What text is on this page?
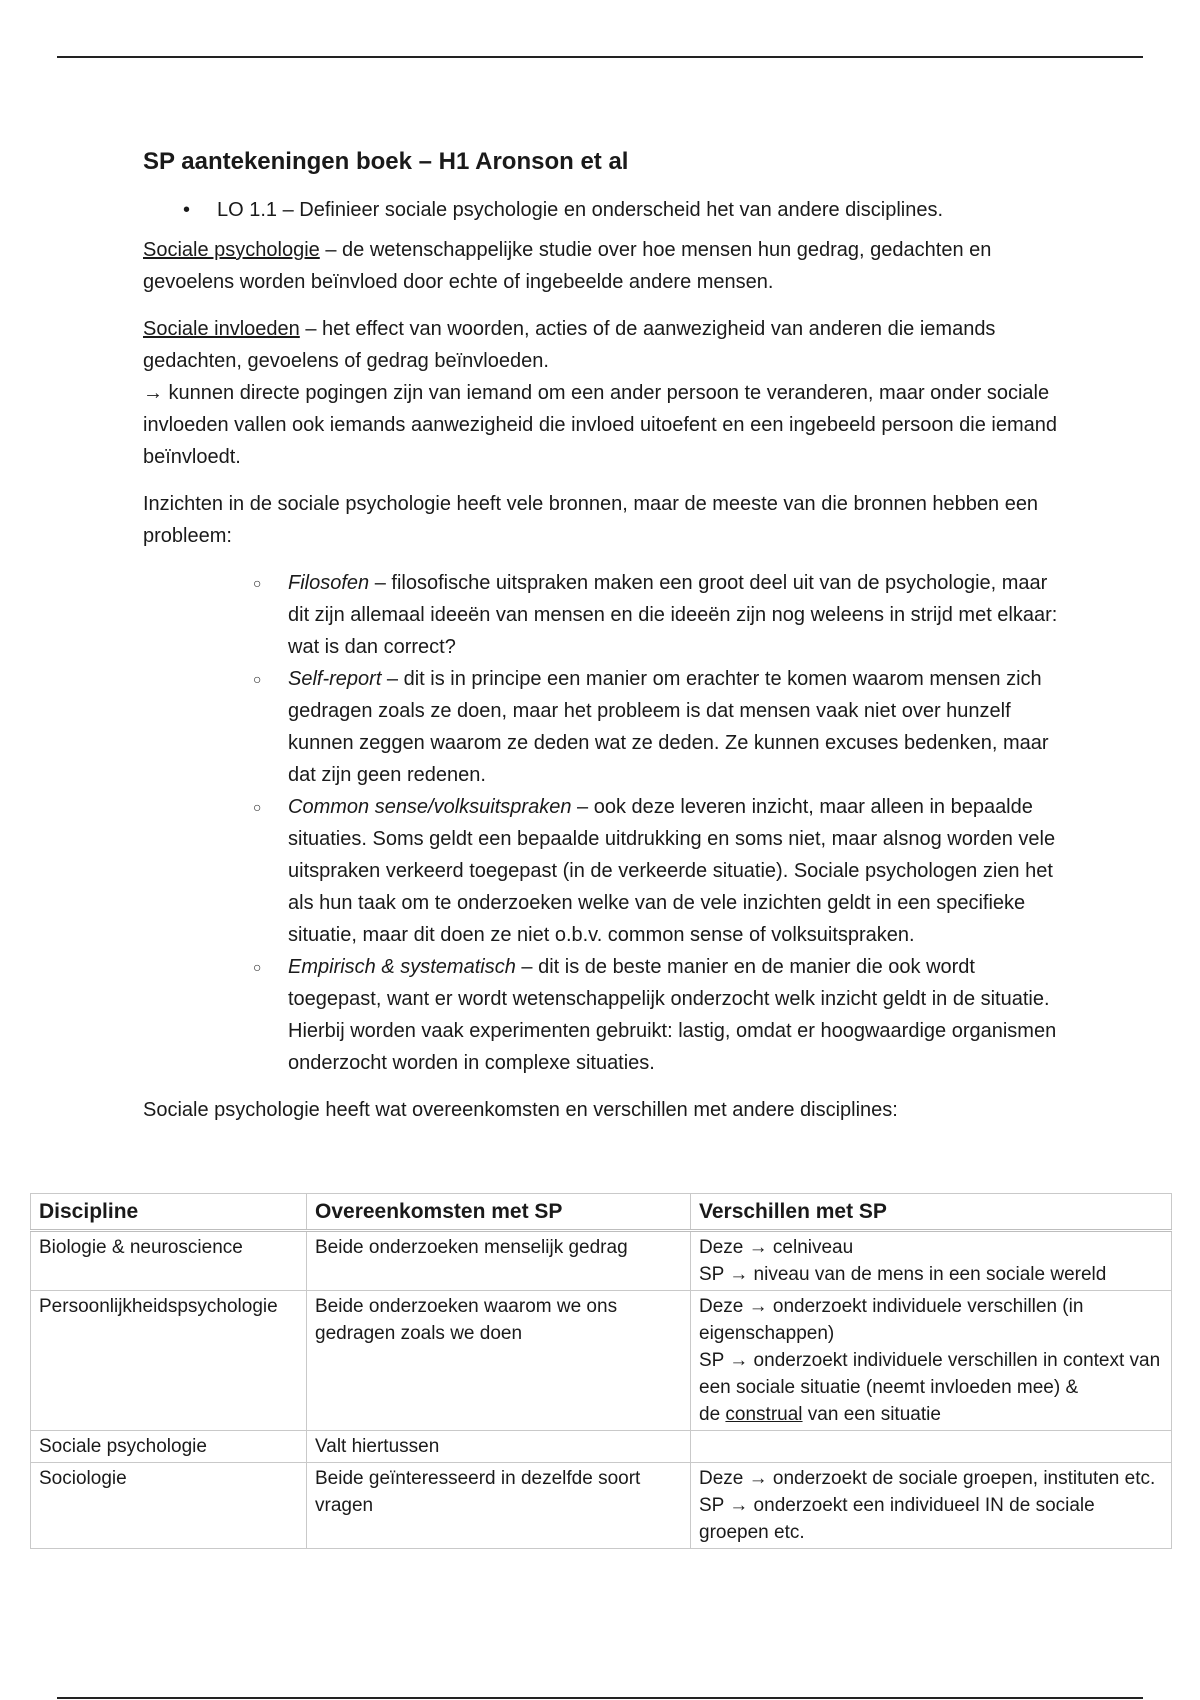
SP aantekeningen boek – H1 Aronson et al
• LO 1.1 – Definieer sociale psychologie en onderscheid het van andere disciplines.

Sociale psychologie – de wetenschappelijke studie over hoe mensen hun gedrag, gedachten en gevoelens worden beïnvloed door echte of ingebeelde andere mensen.

Sociale invloeden – het effect van woorden, acties of de aanwezigheid van anderen die iemands gedachten, gevoelens of gedrag beïnvloeden.
→ kunnen directe pogingen zijn van iemand om een ander persoon te veranderen, maar onder sociale invloeden vallen ook iemands aanwezigheid die invloed uitoefent en een ingebeeld persoon die iemand beïnvloedt.

Inzichten in de sociale psychologie heeft vele bronnen, maar de meeste van die bronnen hebben een probleem:

○ Filosofen – filosofische uitspraken maken een groot deel uit van de psychologie, maar dit zijn allemaal ideeën van mensen en die ideeën zijn nog weleens in strijd met elkaar: wat is dan correct?
○ Self-report – dit is in principe een manier om erachter te komen waarom mensen zich gedragen zoals ze doen, maar het probleem is dat mensen vaak niet over hunzelf kunnen zeggen waarom ze deden wat ze deden. Ze kunnen excuses bedenken, maar dat zijn geen redenen.
○ Common sense/volksuitspraken – ook deze leveren inzicht, maar alleen in bepaalde situaties. Soms geldt een bepaalde uitdrukking en soms niet, maar alsnog worden vele uitspraken verkeerd toegepast (in de verkeerde situatie). Sociale psychologen zien het als hun taak om te onderzoeken welke van de vele inzichten geldt in een specifieke situatie, maar dit doen ze niet o.b.v. common sense of volksuitspraken.
○ Empirisch & systematisch – dit is de beste manier en de manier die ook wordt toegepast, want er wordt wetenschappelijk onderzocht welk inzicht geldt in de situatie. Hierbij worden vaak experimenten gebruikt: lastig, omdat er hoogwaardige organismen onderzocht worden in complexe situaties.

Sociale psychologie heeft wat overeenkomsten en verschillen met andere disciplines:

Discipline	Overeenkomsten met SP	Verschillen met SP
Biologie & neuroscience	Beide onderzoeken menselijk gedrag	Deze → celniveau
SP → niveau van de mens in een sociale wereld

Persoonlijkheidspsychologie	Beide onderzoeken waarom we ons gedragen zoals we doen	Deze → onderzoekt individuele verschillen (in eigenschappen)
SP → onderzoekt individuele verschillen in context van een sociale situatie (neemt invloeden mee) &
de construal van een situatie

Sociale psychologie	Valt hiertussen	
Sociologie	Beide geïnteresseerd in dezelfde soort vragen	Deze → onderzoekt de sociale groepen, instituten etc.
SP → onderzoekt een individueel IN de sociale groepen etc.
